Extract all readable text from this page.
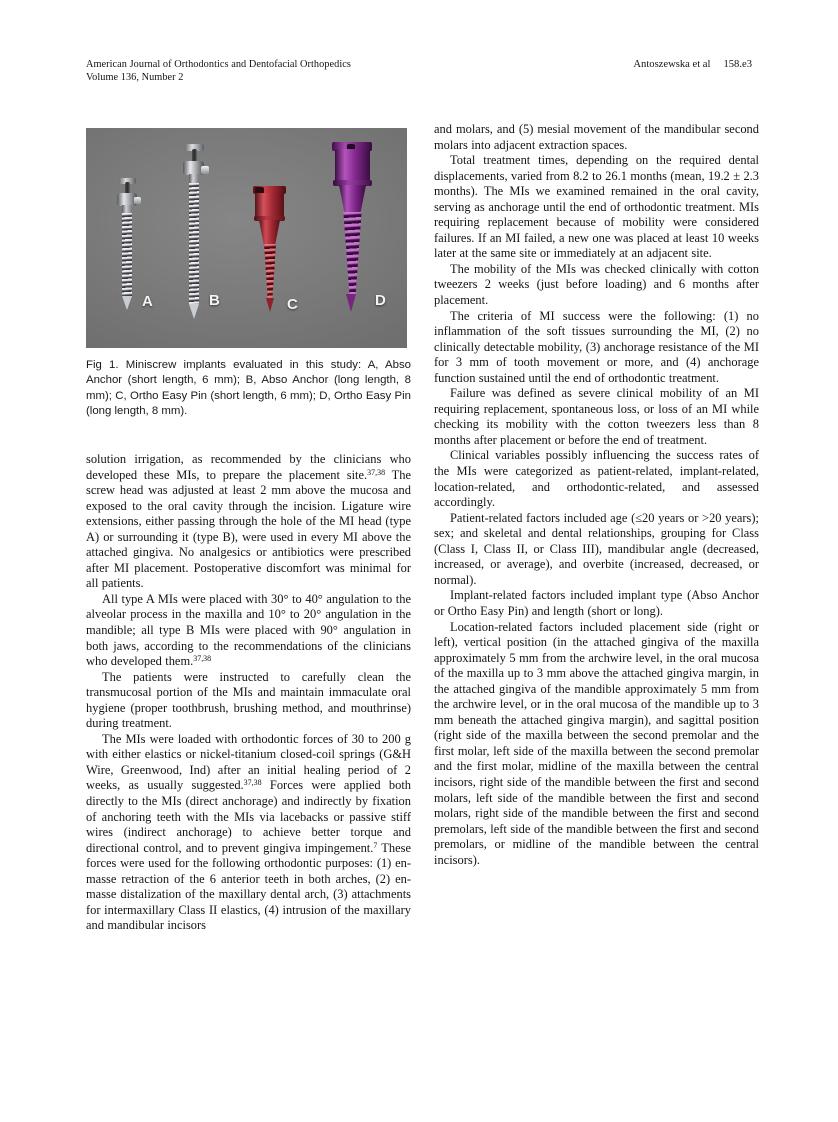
American Journal of Orthodontics and Dentofacial Orthopedics
Volume 136, Number 2
Antoszewska et al 158.e3
A	B	C	D
Fig 1. Miniscrew implants evaluated in this study: A, Abso Anchor (short length, 6 mm); B, Abso Anchor (long length, 8 mm); C, Ortho Easy Pin (short length, 6 mm); D, Ortho Easy Pin (long length, 8 mm).

solution irrigation, as recommended by the clinicians who developed these MIs, to prepare the placement site.$^{37,38}$ The screw head was adjusted at least 2 mm above the mucosa and exposed to the oral cavity through the incision. Ligature wire extensions, either passing through the hole of the MI head (type A) or surrounding it (type B), were used in every MI above the attached gingiva. No analgesics or antibiotics were prescribed after MI placement. Postoperative discomfort was minimal for all patients.

All type A MIs were placed with 30° to 40° angulation to the alveolar process in the maxilla and 10° to 20° angulation in the mandible; all type B MIs were placed with 90° angulation in both jaws, according to the recommendations of the clinicians who developed them.$^{37,38}$

The patients were instructed to carefully clean the transmucosal portion of the MIs and maintain immaculate oral hygiene (proper toothbrush, brushing method, and mouthrinse) during treatment.

The MIs were loaded with orthodontic forces of 30 to 200 g with either elastics or nickel-titanium closed-coil springs (G&H Wire, Greenwood, Ind) after an initial healing period of 2 weeks, as usually suggested.$^{37,38}$ Forces were applied both directly to the MIs (direct anchorage) and indirectly by fixation of anchoring teeth with the MIs via lacebacks or passive stiff wires (indirect anchorage) to achieve better torque and directional control, and to prevent gingiva impingement.$^7$ These forces were used for the following orthodontic purposes: (1) en-masse retraction of the 6 anterior teeth in both arches, (2) en-masse distalization of the maxillary dental arch, (3) attachments for intermaxillary Class II elastics, (4) intrusion of the maxillary and mandibular incisors

and molars, and (5) mesial movement of the mandibular second molars into adjacent extraction spaces.

Total treatment times, depending on the required dental displacements, varied from 8.2 to 26.1 months (mean, 19.2 ± 2.3 months). The MIs we examined remained in the oral cavity, serving as anchorage until the end of orthodontic treatment. MIs requiring replacement because of mobility were considered failures. If an MI failed, a new one was placed at least 10 weeks later at the same site or immediately at an adjacent site.

The mobility of the MIs was checked clinically with cotton tweezers 2 weeks (just before loading) and 6 months after placement.

The criteria of MI success were the following: (1) no inflammation of the soft tissues surrounding the MI, (2) no clinically detectable mobility, (3) anchorage resistance of the MI for 3 mm of tooth movement or more, and (4) anchorage function sustained until the end of orthodontic treatment.

Failure was defined as severe clinical mobility of an MI requiring replacement, spontaneous loss, or loss of an MI while checking its mobility with the cotton tweezers less than 8 months after placement or before the end of treatment.

Clinical variables possibly influencing the success rates of the MIs were categorized as patient-related, implant-related, location-related, and orthodontic-related, and assessed accordingly.

Patient-related factors included age (≤20 years or >20 years); sex; and skeletal and dental relationships, grouping for Class (Class I, Class II, or Class III), mandibular angle (decreased, increased, or average), and overbite (increased, decreased, or normal).

Implant-related factors included implant type (Abso Anchor or Ortho Easy Pin) and length (short or long).

Location-related factors included placement side (right or left), vertical position (in the attached gingiva of the maxilla approximately 5 mm from the archwire level, in the oral mucosa of the maxilla up to 3 mm above the attached gingiva margin, in the attached gingiva of the mandible approximately 5 mm from the archwire level, or in the oral mucosa of the mandible up to 3 mm beneath the attached gingiva margin), and sagittal position (right side of the maxilla between the second premolar and the first molar, left side of the maxilla between the second premolar and the first molar, midline of the maxilla between the central incisors, right side of the mandible between the first and second molars, left side of the mandible between the first and second molars, right side of the mandible between the first and second premolars, left side of the mandible between the first and second premolars, or midline of the mandible between the central incisors).
